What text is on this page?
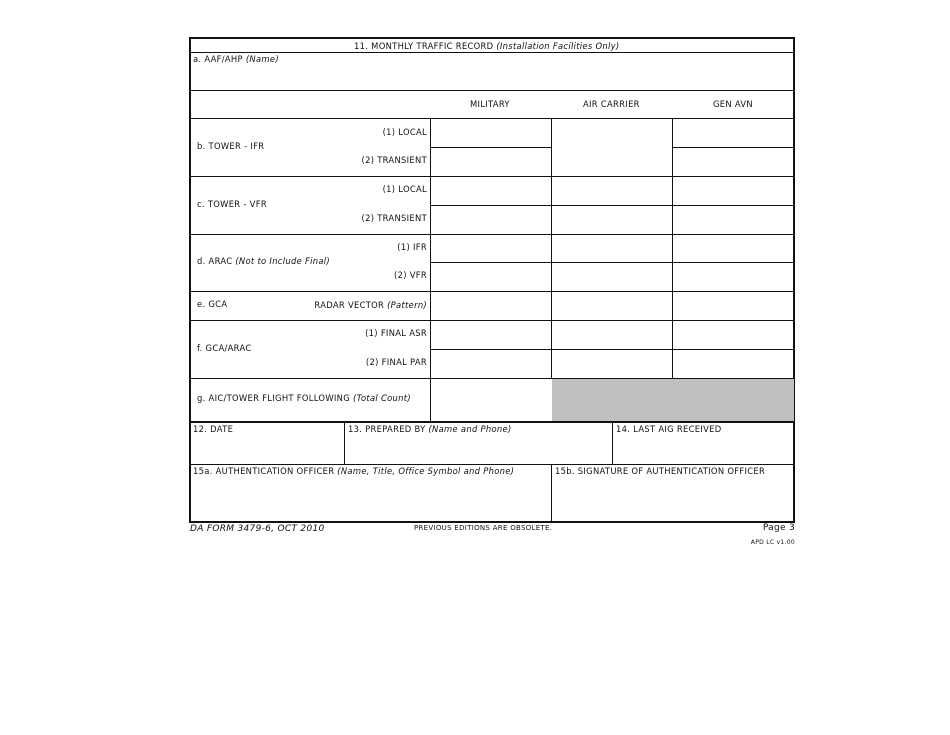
11. MONTHLY TRAFFIC RECORD (Installation Facilities Only)
a. AAF/AHP (Name)
MILITARY	AIR CARRIER	GEN AVN
b. TOWER - IFR
(1) LOCAL
(2) TRANSIENT
c. TOWER - VFR
(1) LOCAL
(2) TRANSIENT
d. ARAC (Not to Include Final)
(1) IFR
(2) VFR
e. GCA	RADAR VECTOR (Pattern)
f. GCA/ARAC
(1) FINAL ASR
(2) FINAL PAR
g. AIC/TOWER FLIGHT FOLLOWING (Total Count)
12. DATE	13. PREPARED BY (Name and Phone)	14. LAST AIG RECEIVED
15a. AUTHENTICATION OFFICER (Name, Title, Office Symbol and Phone)	15b. SIGNATURE OF AUTHENTICATION OFFICER
DA FORM 3479-6, OCT 2010	PREVIOUS EDITIONS ARE OBSOLETE.	Page 3
APD LC v1.00
